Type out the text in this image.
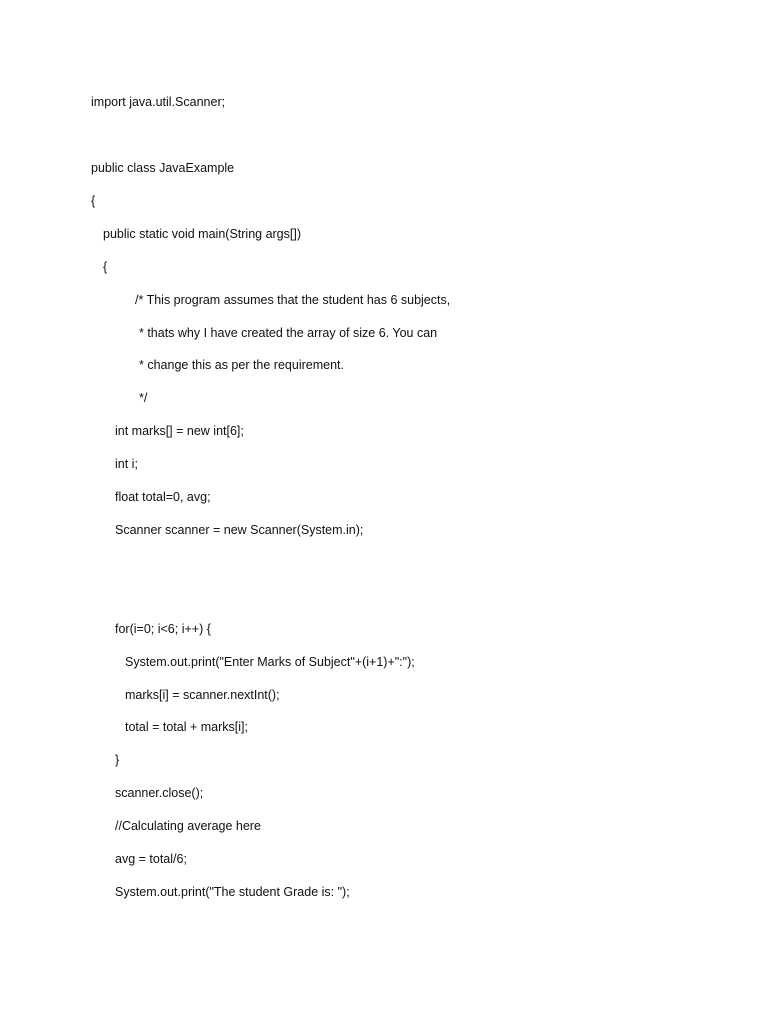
import java.util.Scanner;

public class JavaExample

{

public static void main(String args[])

{

/* This program assumes that the student has 6 subjects,

* thats why I have created the array of size 6. You can

* change this as per the requirement.

*/

int marks[] = new int[6];

int i;

float total=0, avg;

Scanner scanner = new Scanner(System.in);

for(i=0; i<6; i++) {

System.out.print("Enter Marks of Subject"+(i+1)+":");

marks[i] = scanner.nextInt();

total = total + marks[i];

}

scanner.close();

//Calculating average here

avg = total/6;

System.out.print("The student Grade is: ");
